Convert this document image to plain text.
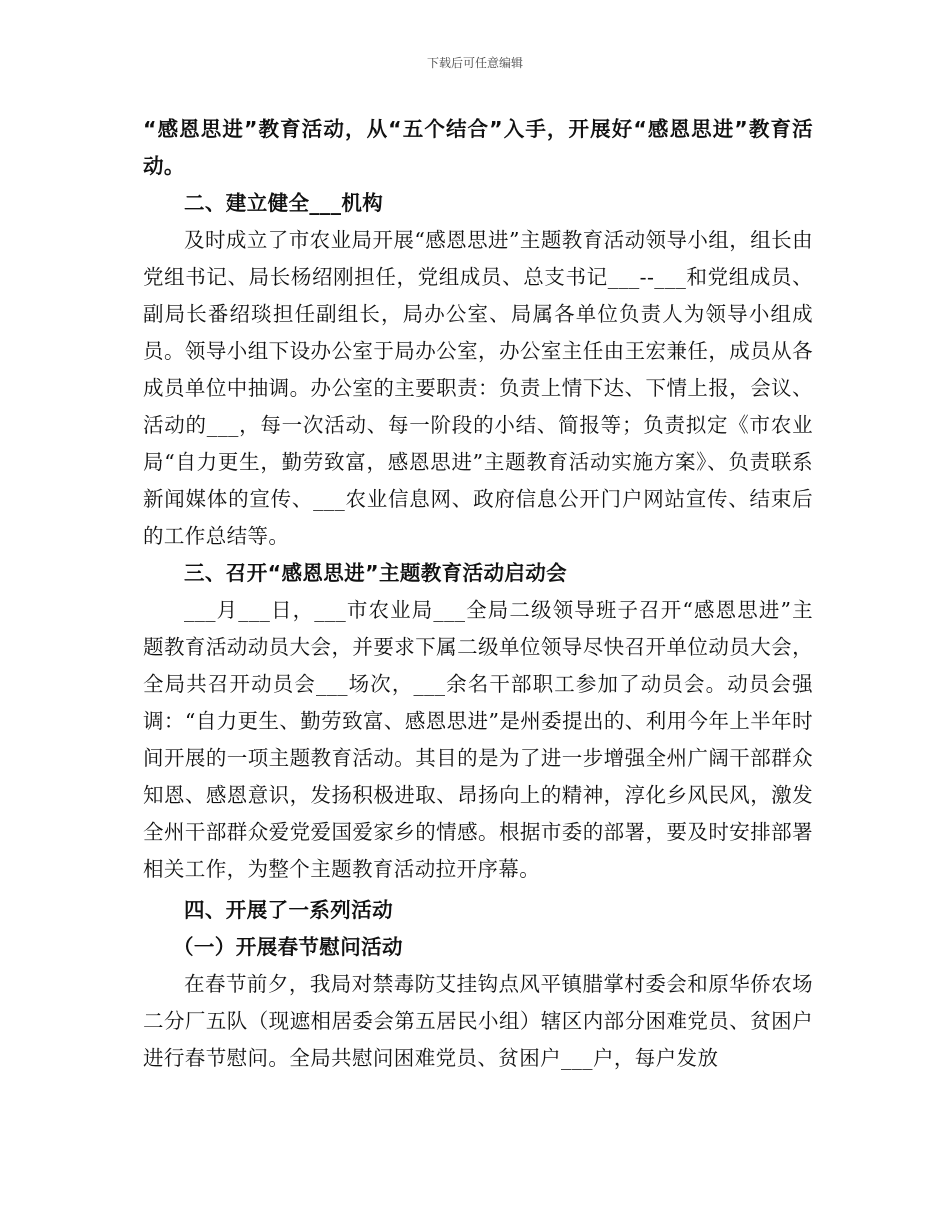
下载后可任意编辑

“感恩思进”教育活动，从“五个结合”入手，开展好“感恩思进”教育活动。

二、建立健全___机构

及时成立了市农业局开展“感恩思进”主题教育活动领导小组，组长由党组书记、局长杨绍刚担任，党组成员、总支书记___--___和党组成员、副局长番绍琰担任副组长，局办公室、局属各单位负责人为领导小组成员。领导小组下设办公室于局办公室，办公室主任由王宏兼任，成员从各成员单位中抽调。办公室的主要职责：负责上情下达、下情上报，会议、活动的___，每一次活动、每一阶段的小结、简报等；负责拟定《市农业局“自力更生，勤劳致富，感恩思进”主题教育活动实施方案》、负责联系新闻媒体的宣传、___农业信息网、政府信息公开门户网站宣传、结束后的工作总结等。

三、召开“感恩思进”主题教育活动启动会

___月___日，___市农业局___全局二级领导班子召开“感恩思进”主题教育活动动员大会，并要求下属二级单位领导尽快召开单位动员大会，全局共召开动员会___场次，___余名干部职工参加了动员会。动员会强调：“自力更生、勤劳致富、感恩思进”是州委提出的、利用今年上半年时间开展的一项主题教育活动。其目的是为了进一步增强全州广阔干部群众知恩、感恩意识，发扬积极进取、昂扬向上的精神，淳化乡风民风，激发全州干部群众爱党爱国爱家乡的情感。根据市委的部署，要及时安排部署相关工作，为整个主题教育活动拉开序幕。

四、开展了一系列活动

（一）开展春节慰问活动

在春节前夕，我局对禁毒防艾挂钩点风平镇腊掌村委会和原华侨农场二分厂五队（现遮相居委会第五居民小组）辖区内部分困难党员、贫困户进行春节慰问。全局共慰问困难党员、贫困户___户，每户发放
